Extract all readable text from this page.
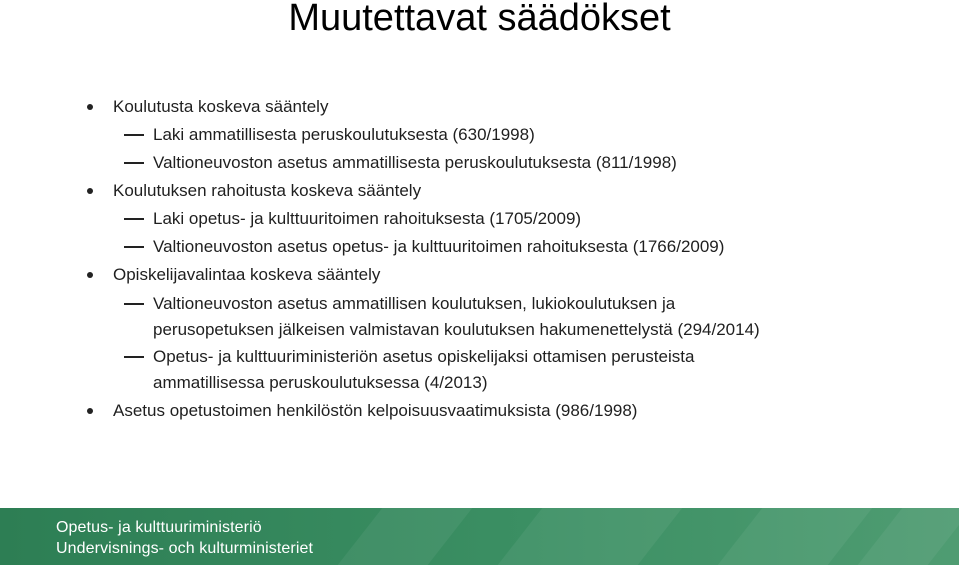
Muutettavat säädökset
Koulutusta koskeva sääntely
Laki ammatillisesta peruskoulutuksesta (630/1998)
Valtioneuvoston asetus ammatillisesta peruskoulutuksesta (811/1998)
Koulutuksen rahoitusta koskeva sääntely
Laki opetus- ja kulttuuritoimen rahoituksesta (1705/2009)
Valtioneuvoston asetus opetus- ja kulttuuritoimen rahoituksesta (1766/2009)
Opiskelijavalintaa koskeva sääntely
Valtioneuvoston asetus ammatillisen koulutuksen, lukiokoulutuksen ja
perusopetuksen jälkeisen valmistavan koulutuksen hakumenettelystä (294/2014)
Opetus- ja kulttuuriministeriön asetus opiskelijaksi ottamisen perusteista
ammatillisessa peruskoulutuksessa (4/2013)
Asetus opetustoimen henkilöstön kelpoisuusvaatimuksista (986/1998)
Opetus- ja kulttuuriministeriö
Undervisnings- och kulturministeriet
